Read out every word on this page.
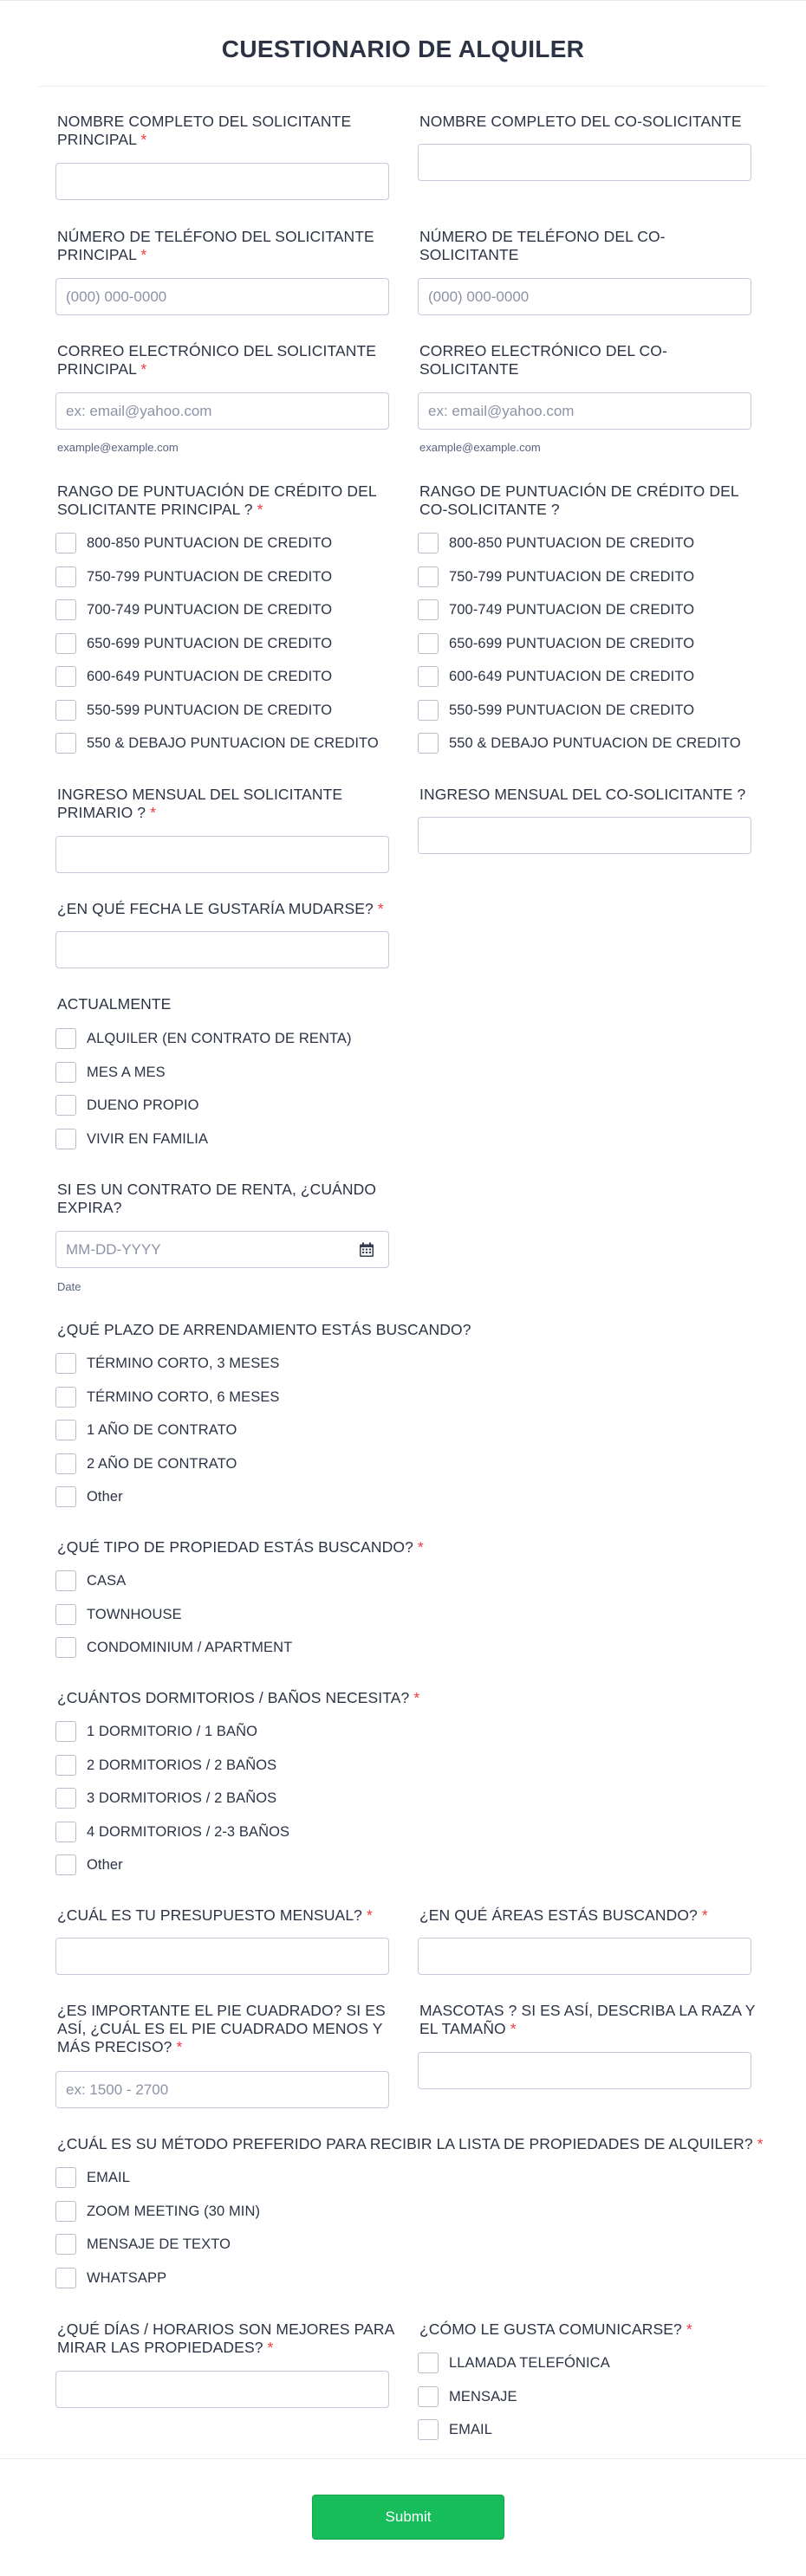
CUESTIONARIO DE ALQUILER
NOMBRE COMPLETO DEL SOLICITANTE PRINCIPAL *
NOMBRE COMPLETO DEL CO-SOLICITANTE
NÚMERO DE TELÉFONO DEL SOLICITANTE PRINCIPAL *
(000) 000-0000
NÚMERO DE TELÉFONO DEL CO-SOLICITANTE
(000) 000-0000
CORREO ELECTRÓNICO DEL SOLICITANTE PRINCIPAL *
ex: email@yahoo.com
example@example.com
CORREO ELECTRÓNICO DEL CO-SOLICITANTE
ex: email@yahoo.com
example@example.com
RANGO DE PUNTUACIÓN DE CRÉDITO DEL SOLICITANTE PRINCIPAL ? *
RANGO DE PUNTUACIÓN DE CRÉDITO DEL CO-SOLICITANTE ?
800-850 PUNTUACION DE CREDITO
750-799 PUNTUACION DE CREDITO
700-749 PUNTUACION DE CREDITO
650-699 PUNTUACION DE CREDITO
600-649 PUNTUACION DE CREDITO
550-599 PUNTUACION DE CREDITO
550 & DEBAJO PUNTUACION DE CREDITO
800-850 PUNTUACION DE CREDITO
750-799 PUNTUACION DE CREDITO
700-749 PUNTUACION DE CREDITO
650-699 PUNTUACION DE CREDITO
600-649 PUNTUACION DE CREDITO
550-599 PUNTUACION DE CREDITO
550 & DEBAJO PUNTUACION DE CREDITO
INGRESO MENSUAL DEL SOLICITANTE PRIMARIO ? *
INGRESO MENSUAL DEL CO-SOLICITANTE ?
¿EN QUÉ FECHA LE GUSTARÍA MUDARSE? *
ACTUALMENTE
ALQUILER (EN CONTRATO DE RENTA)
MES A MES
DUENO PROPIO
VIVIR EN FAMILIA
SI ES UN CONTRATO DE RENTA, ¿CUÁNDO EXPIRA?
MM-DD-YYYY
Date
¿QUÉ PLAZO DE ARRENDAMIENTO ESTÁS BUSCANDO?
TÉRMINO CORTO, 3 MESES
TÉRMINO CORTO, 6 MESES
1 AÑO DE CONTRATO
2 AÑO DE CONTRATO
Other
¿QUÉ TIPO DE PROPIEDAD ESTÁS BUSCANDO? *
CASA
TOWNHOUSE
CONDOMINIUM / APARTMENT
¿CUÁNTOS DORMITORIOS / BAÑOS NECESITA? *
1 DORMITORIO / 1 BAÑO
2 DORMITORIOS / 2 BAÑOS
3 DORMITORIOS / 2 BAÑOS
4 DORMITORIOS / 2-3 BAÑOS
Other
¿CUÁL ES TU PRESUPUESTO MENSUAL? *	¿EN QUÉ ÁREAS ESTÁS BUSCANDO? *
¿ES IMPORTANTE EL PIE CUADRADO? SI ES ASÍ, ¿CUÁL ES EL PIE CUADRADO MENOS Y MÁS PRECISO? *
ex: 1500 - 2700
MASCOTAS ? SI ES ASÍ, DESCRIBA LA RAZA Y EL TAMAÑO *
¿CUÁL ES SU MÉTODO PREFERIDO PARA RECIBIR LA LISTA DE PROPIEDADES DE ALQUILER? *
EMAIL
ZOOM MEETING (30 MIN)
MENSAJE DE TEXTO
WHATSAPP
¿QUÉ DÍAS / HORARIOS SON MEJORES PARA MIRAR LAS PROPIEDADES? *
¿CÓMO LE GUSTA COMUNICARSE? *
LLAMADA TELEFÓNICA
MENSAJE
EMAIL
Submit
